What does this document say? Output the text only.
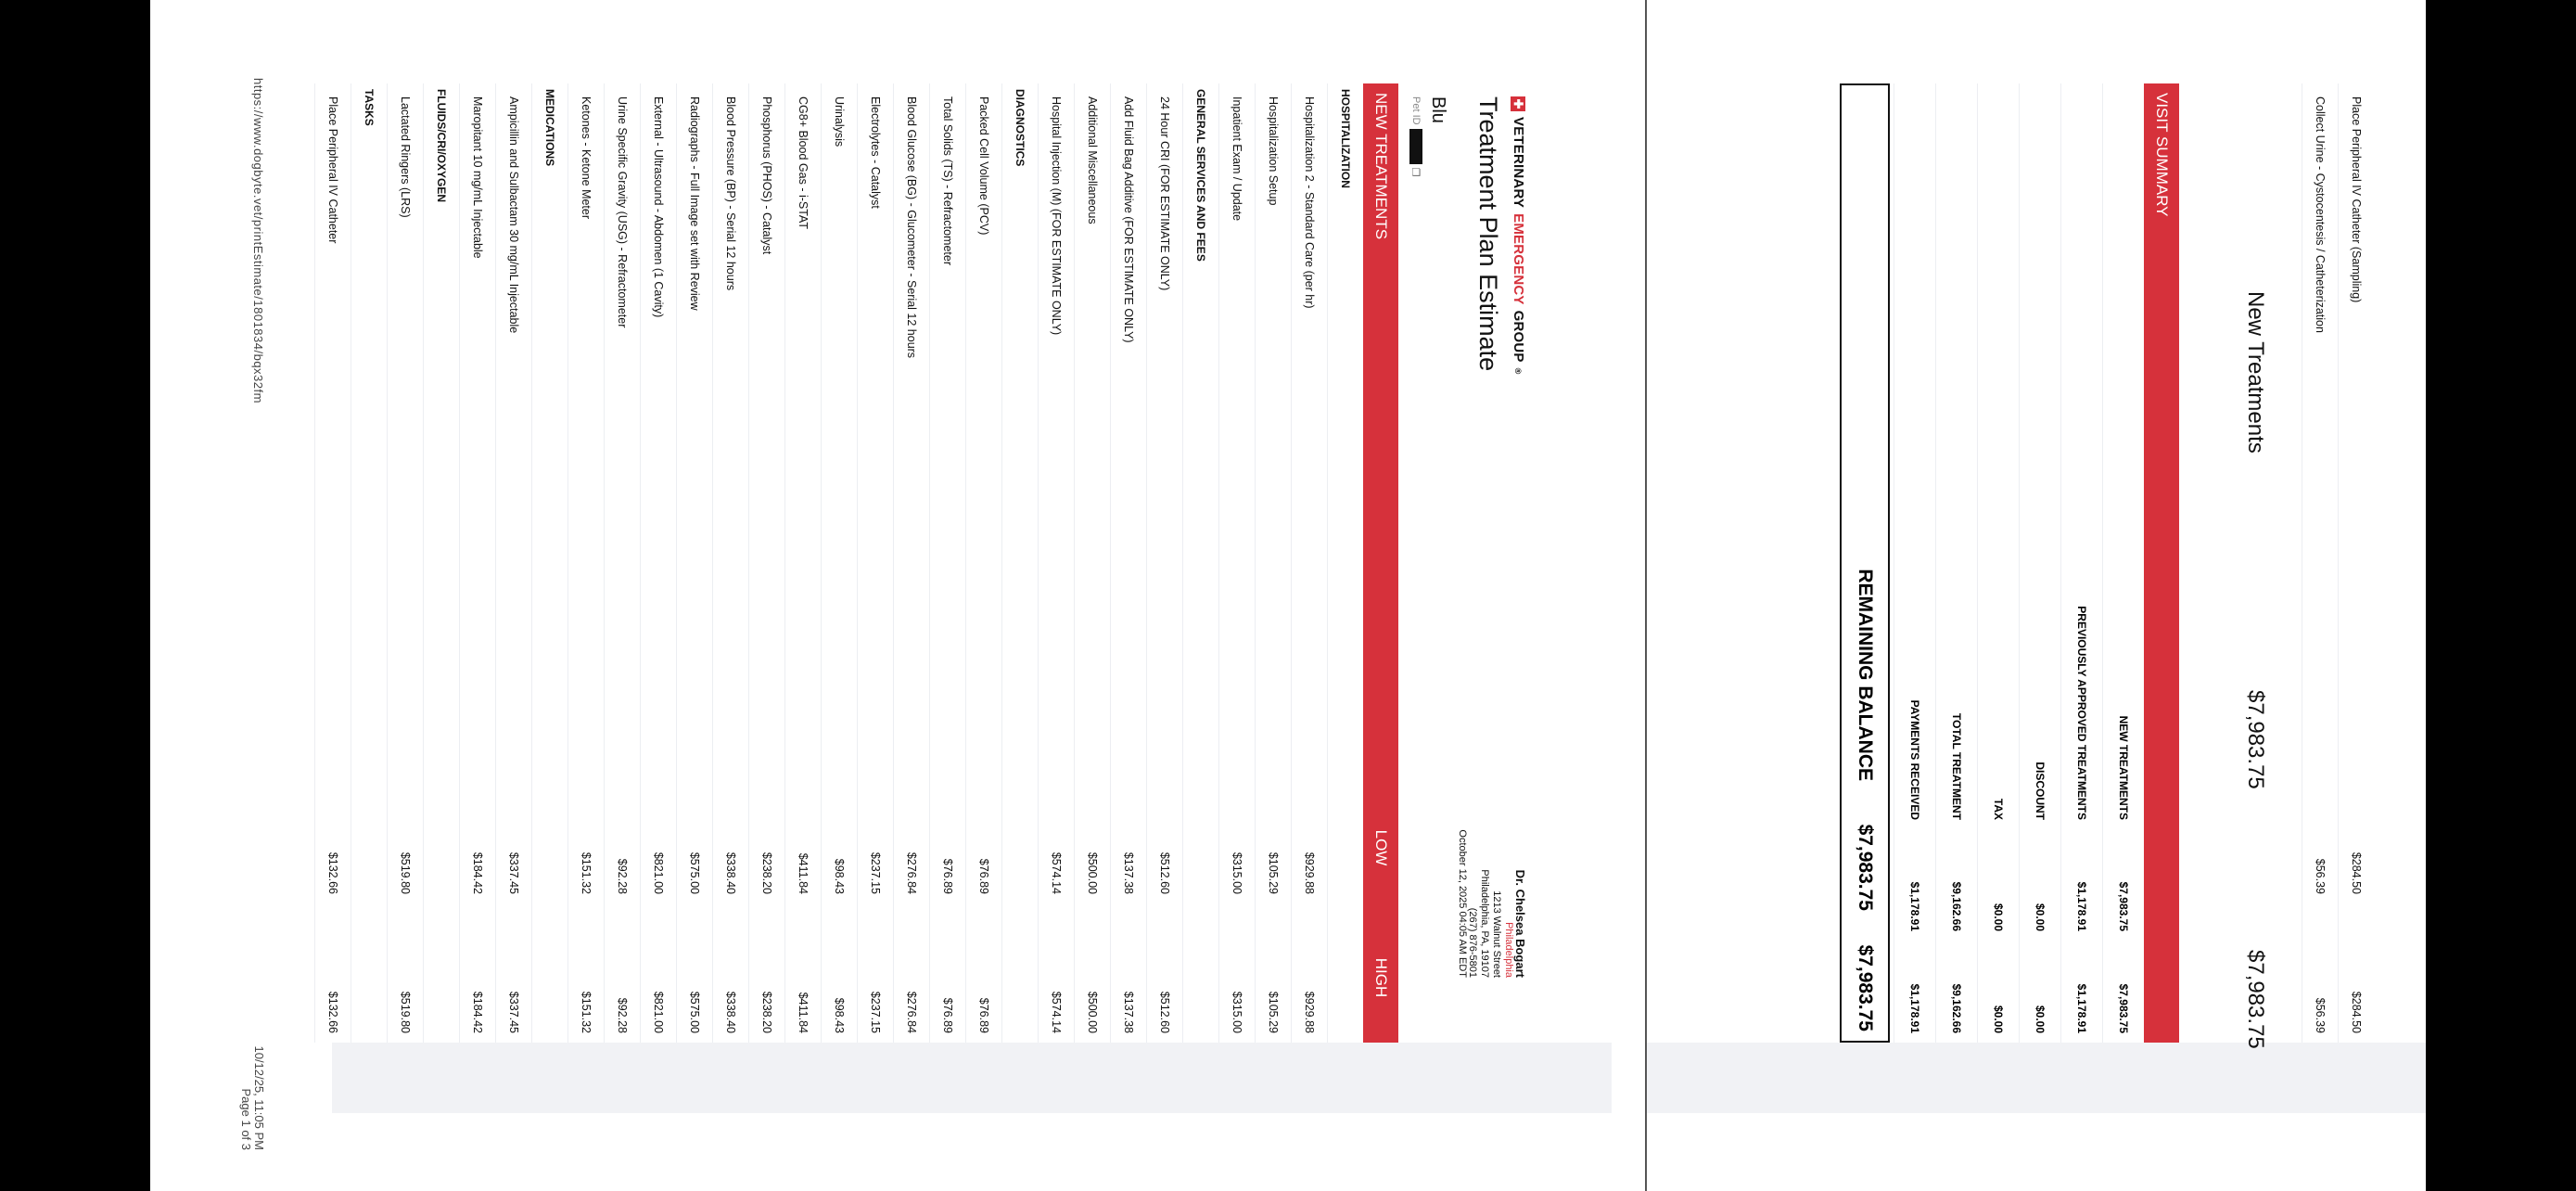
✚
VETERINARY
EMERGENCY
GROUP
®
Treatment Plan Estimate
Blu
Pet ID
❐
Dr. Chelsea Bogart
Philadelphia
1213 Walnut Street
Philadelphia, PA, 19107
(267) 876-5801
October 12, 2025 04:05 AM EDT
NEW TREATMENTS
LOW
HIGH
HOSPITALIZATION
Hospitalization 2 - Standard Care (per hr)
$929.88
$929.88
Hospitalization Setup
$105.29
$105.29
Inpatient Exam / Update
$315.00
$315.00
GENERAL SERVICES AND FEES
24 Hour CRI (FOR ESTIMATE ONLY)
$512.60
$512.60
Add Fluid Bag Additive (FOR ESTIMATE ONLY)
$137.38
$137.38
Additional Miscellaneous
$500.00
$500.00
Hospital Injection (M) (FOR ESTIMATE ONLY)
$574.14
$574.14
DIAGNOSTICS
Packed Cell Volume (PCV)
$76.89
$76.89
Total Solids (TS) - Refractometer
$76.89
$76.89
Blood Glucose (BG) - Glucometer - Serial 12 hours
$276.84
$276.84
Electrolytes - Catalyst
$237.15
$237.15
Urinalysis
$98.43
$98.43
CG8+ Blood Gas - i-STAT
$411.84
$411.84
Phosphorus (PHOS) - Catalyst
$238.20
$238.20
Blood Pressure (BP) - Serial 12 hours
$338.40
$338.40
Radiographs - Full Image set with Review
$575.00
$575.00
External - Ultrasound - Abdomen (1 Cavity)
$821.00
$821.00
Urine Specific Gravity (USG) - Refractometer
$92.28
$92.28
Ketones - Ketone Meter
$151.32
$151.32
MEDICATIONS
Ampicillin and Sulbactam 30 mg/mL Injectable
$337.45
$337.45
Maropitant 10 mg/mL Injectable
$184.42
$184.42
FLUIDS/CRI/OXYGEN
Lactated Ringers (LRS)
$519.80
$519.80
TASKS
Place Peripheral IV Catheter
$132.66
$132.66
https://www.dogbyte.vet/printEstimate/1801834/bqx32fm
10/12/25, 11:05 PM
Page 1 of 3
Place Peripheral IV Catheter (Sampling)
$284.50
$284.50
Collect Urine - Cystocentesis / Catheterization
$56.39
$56.39
New Treatments
$7,983.75
$7,983.75
VISIT SUMMARY
NEW TREATMENTS
$7,983.75
$7,983.75
PREVIOUSLY APPROVED TREATMENTS
$1,178.91
$1,178.91
DISCOUNT
$0.00
$0.00
TAX
$0.00
$0.00
TOTAL TREATMENT
$9,162.66
$9,162.66
PAYMENTS RECEIVED
$1,178.91
$1,178.91
REMAINING BALANCE
$7,983.75
$7,983.75
